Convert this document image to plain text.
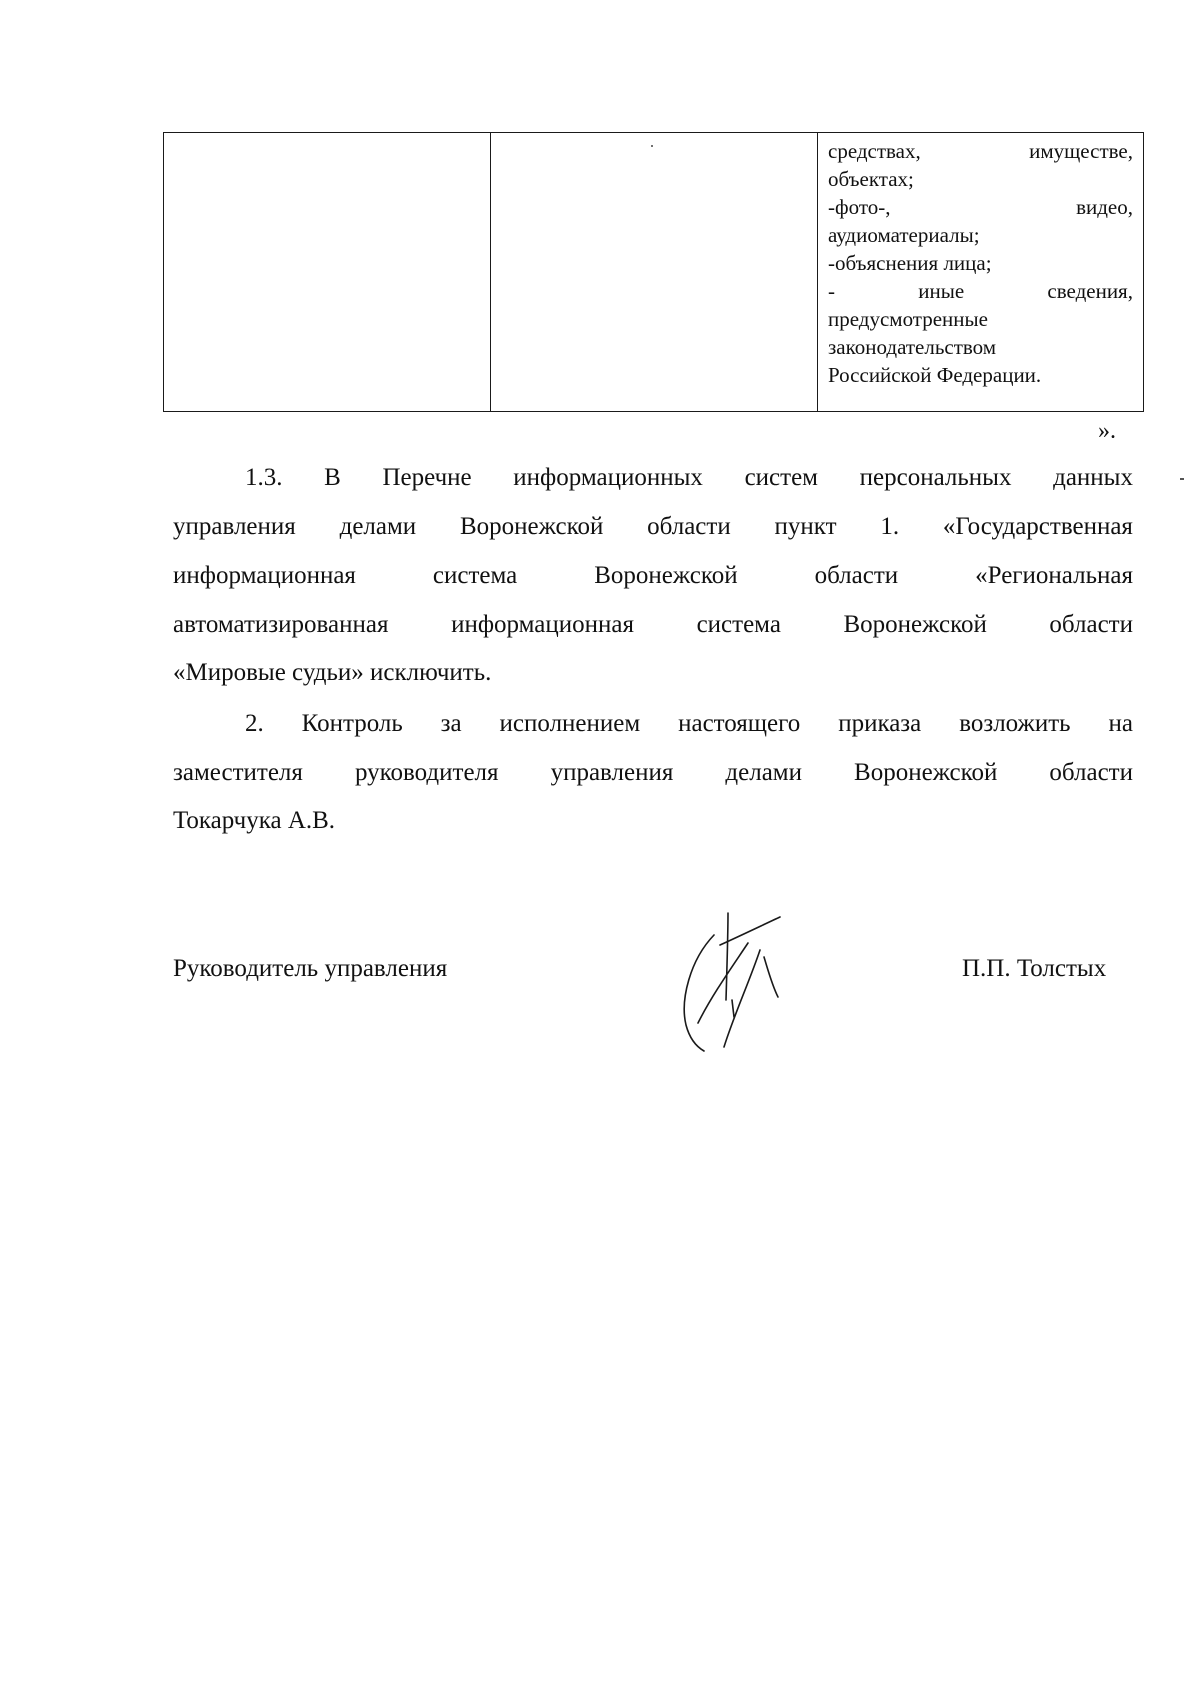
средствах,	имуществе,
объектах;
-фото-,	видео,
аудиоматериалы;
-объяснения лица;
-	иные	сведения,
предусмотренные
законодательством
Российской Федерации.
».
1.3. В Перечне информационных систем персональных данных
управления делами Воронежской области пункт 1. «Государственная
информационная	система	Воронежской	области	«Региональная
автоматизированная	информационная	система	Воронежской	области
«Мировые судьи» исключить.
2. Контроль за исполнением настоящего приказа возложить на
заместителя руководителя управления делами Воронежской области
Токарчука А.В.
Руководитель управления	П.П. Толстых
